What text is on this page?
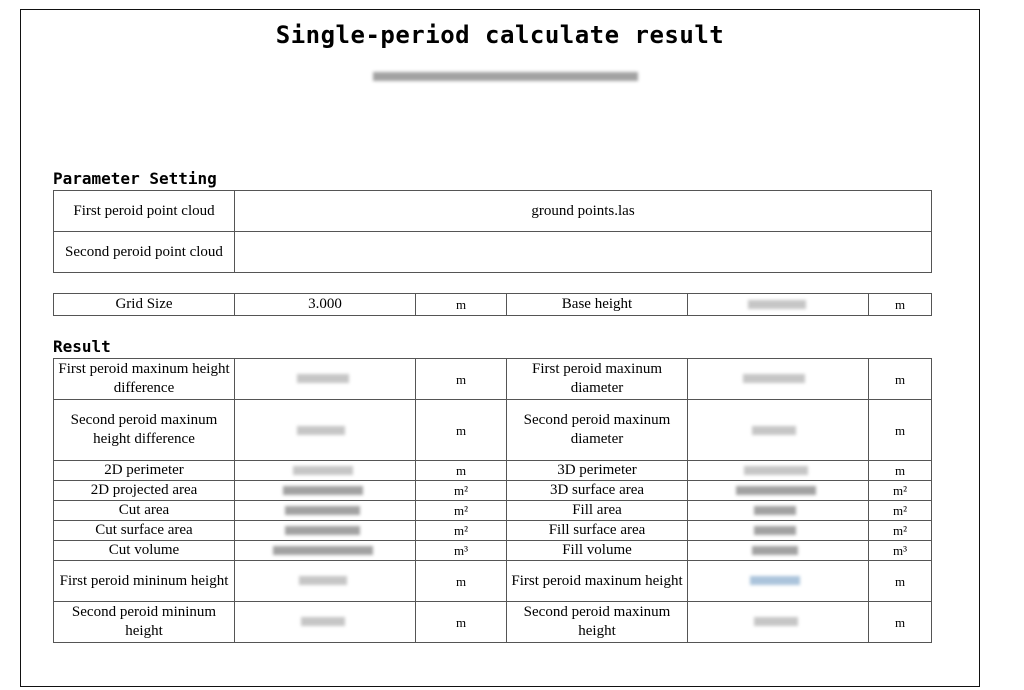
Single-period calculate result
Parameter Setting
First peroid point cloud	ground points.las
Second peroid point cloud	
Grid Size	3.000	m	Base height		m
Result
First peroid maxinum height difference		m	First peroid maxinum diameter		m
Second peroid maxinum height difference		m	Second peroid maxinum diameter		m
2D perimeter		m	3D perimeter		m
2D projected area		m²	3D surface area		m²
Cut area		m²	Fill area		m²
Cut surface area		m²	Fill surface area		m²
Cut volume		m³	Fill volume		m³
First peroid mininum height		m	First peroid maxinum height		m
Second peroid mininum height		m	Second peroid maxinum height		m
